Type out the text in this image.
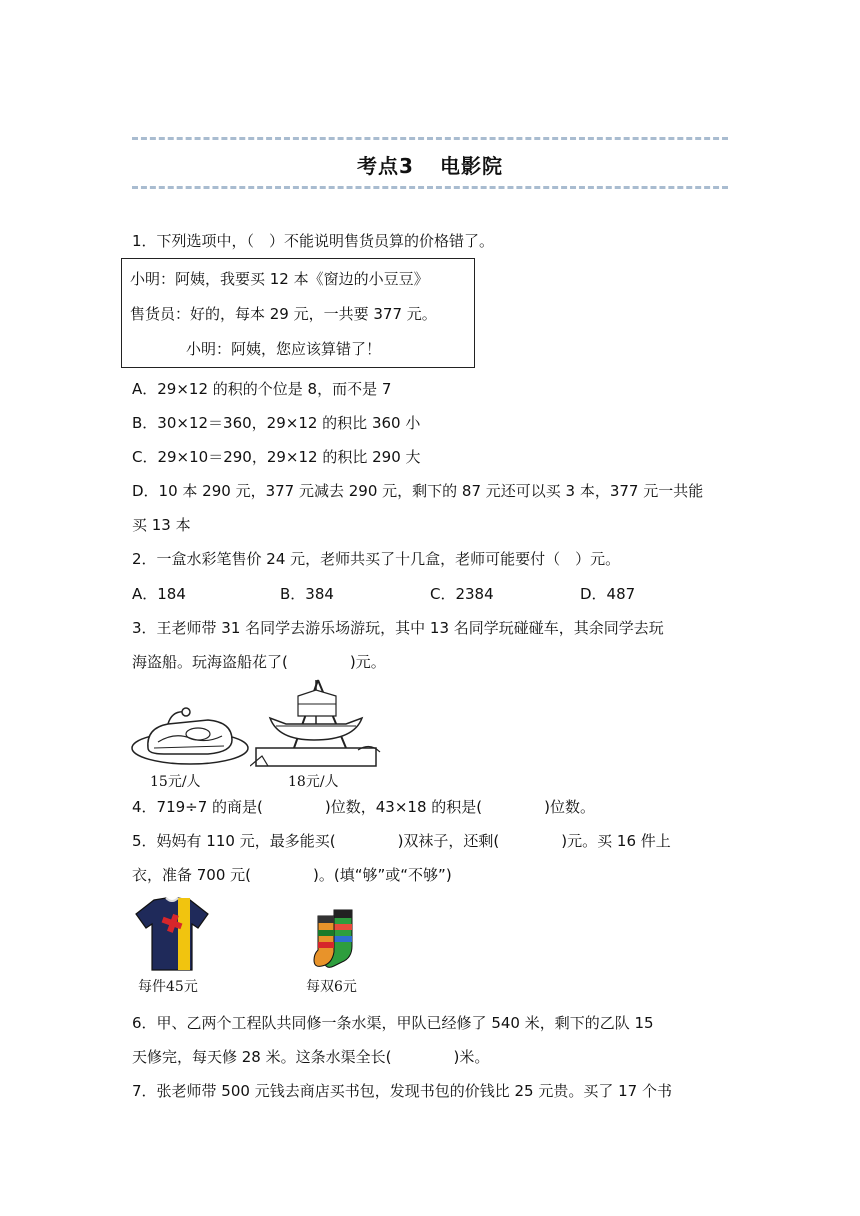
考点3 电影院
1．下列选项中，（　）不能说明售货员算的价格错了。
小明：阿姨，我要买 12 本《窗边的小豆豆》
售货员：好的，每本 29 元，一共要 377 元。
小明：阿姨，您应该算错了！
A．29×12 的积的个位是 8，而不是 7
B．30×12＝360，29×12 的积比 360 小
C．29×10＝290，29×12 的积比 290 大
D．10 本 290 元，377 元减去 290 元，剩下的 87 元还可以买 3 本，377 元一共能
买 13 本
2．一盒水彩笔售价 24 元，老师共买了十几盒，老师可能要付（　）元。
A．184	B．384	C．2384	D．487
3．王老师带 31 名同学去游乐场游玩，其中 13 名同学玩碰碰车，其余同学去玩
海盗船。玩海盗船花了(	)元。
15元/人	18元/人
4．719÷7 的商是(	)位数，43×18 的积是(	)位数。
5．妈妈有 110 元，最多能买(	)双袜子，还剩(	)元。买 16 件上
衣，准备 700 元(	)。(填“够”或“不够”)
每件45元	每双6元
6．甲、乙两个工程队共同修一条水渠，甲队已经修了 540 米，剩下的乙队 15
天修完，每天修 28 米。这条水渠全长(	)米。
7．张老师带 500 元钱去商店买书包，发现书包的价钱比 25 元贵。买了 17 个书
